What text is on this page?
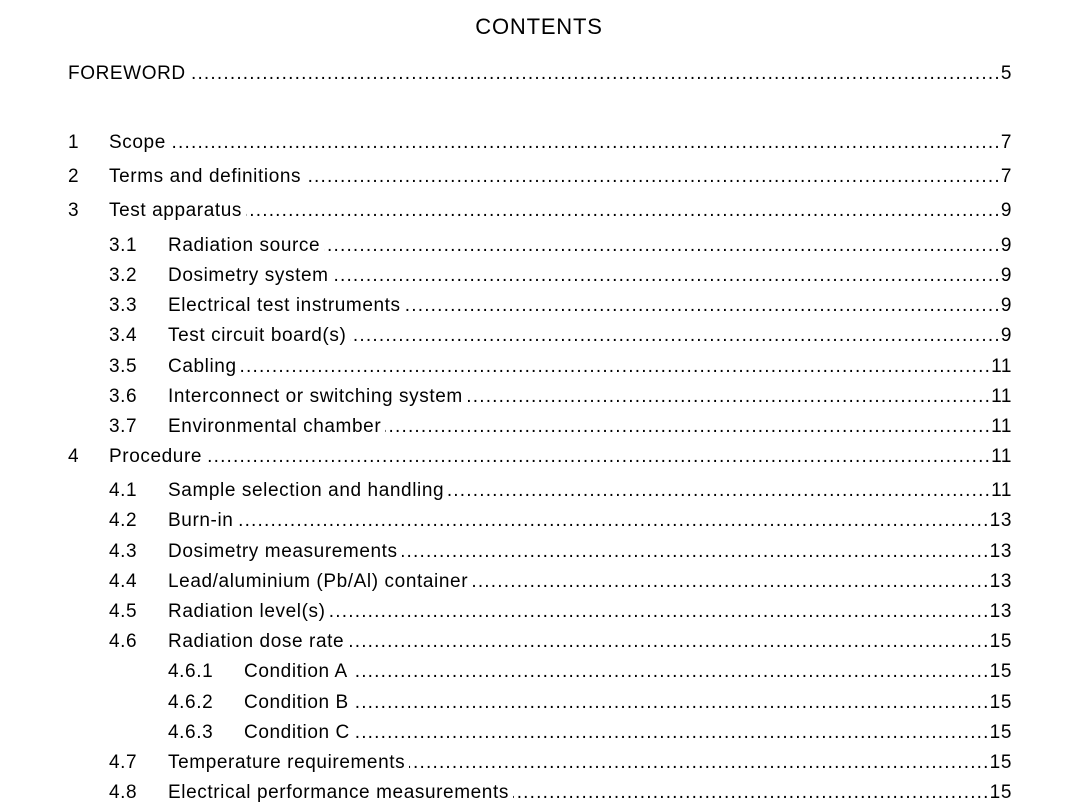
CONTENTS
FOREWORD .....	5
1	Scope .....	7
2	Terms and definitions .....	7
3	Test apparatus .....	9
3.1	Radiation source .....	9
3.2	Dosimetry system .....	9
3.3	Electrical test instruments .....	9
3.4	Test circuit board(s) .....	9
3.5	Cabling .....	11
3.6	Interconnect or switching system .....	11
3.7	Environmental chamber .....	11
4	Procedure .....	11
4.1	Sample selection and handling .....	11
4.2	Burn-in .....	13
4.3	Dosimetry measurements .....	13
4.4	Lead/aluminium (Pb/Al) container .....	13
4.5	Radiation level(s) .....	13
4.6	Radiation dose rate .....	15
4.6.1	Condition A .....	15
4.6.2	Condition B .....	15
4.6.3	Condition C .....	15
4.7	Temperature requirements .....	15
4.8	Electrical performance measurements .....	15
